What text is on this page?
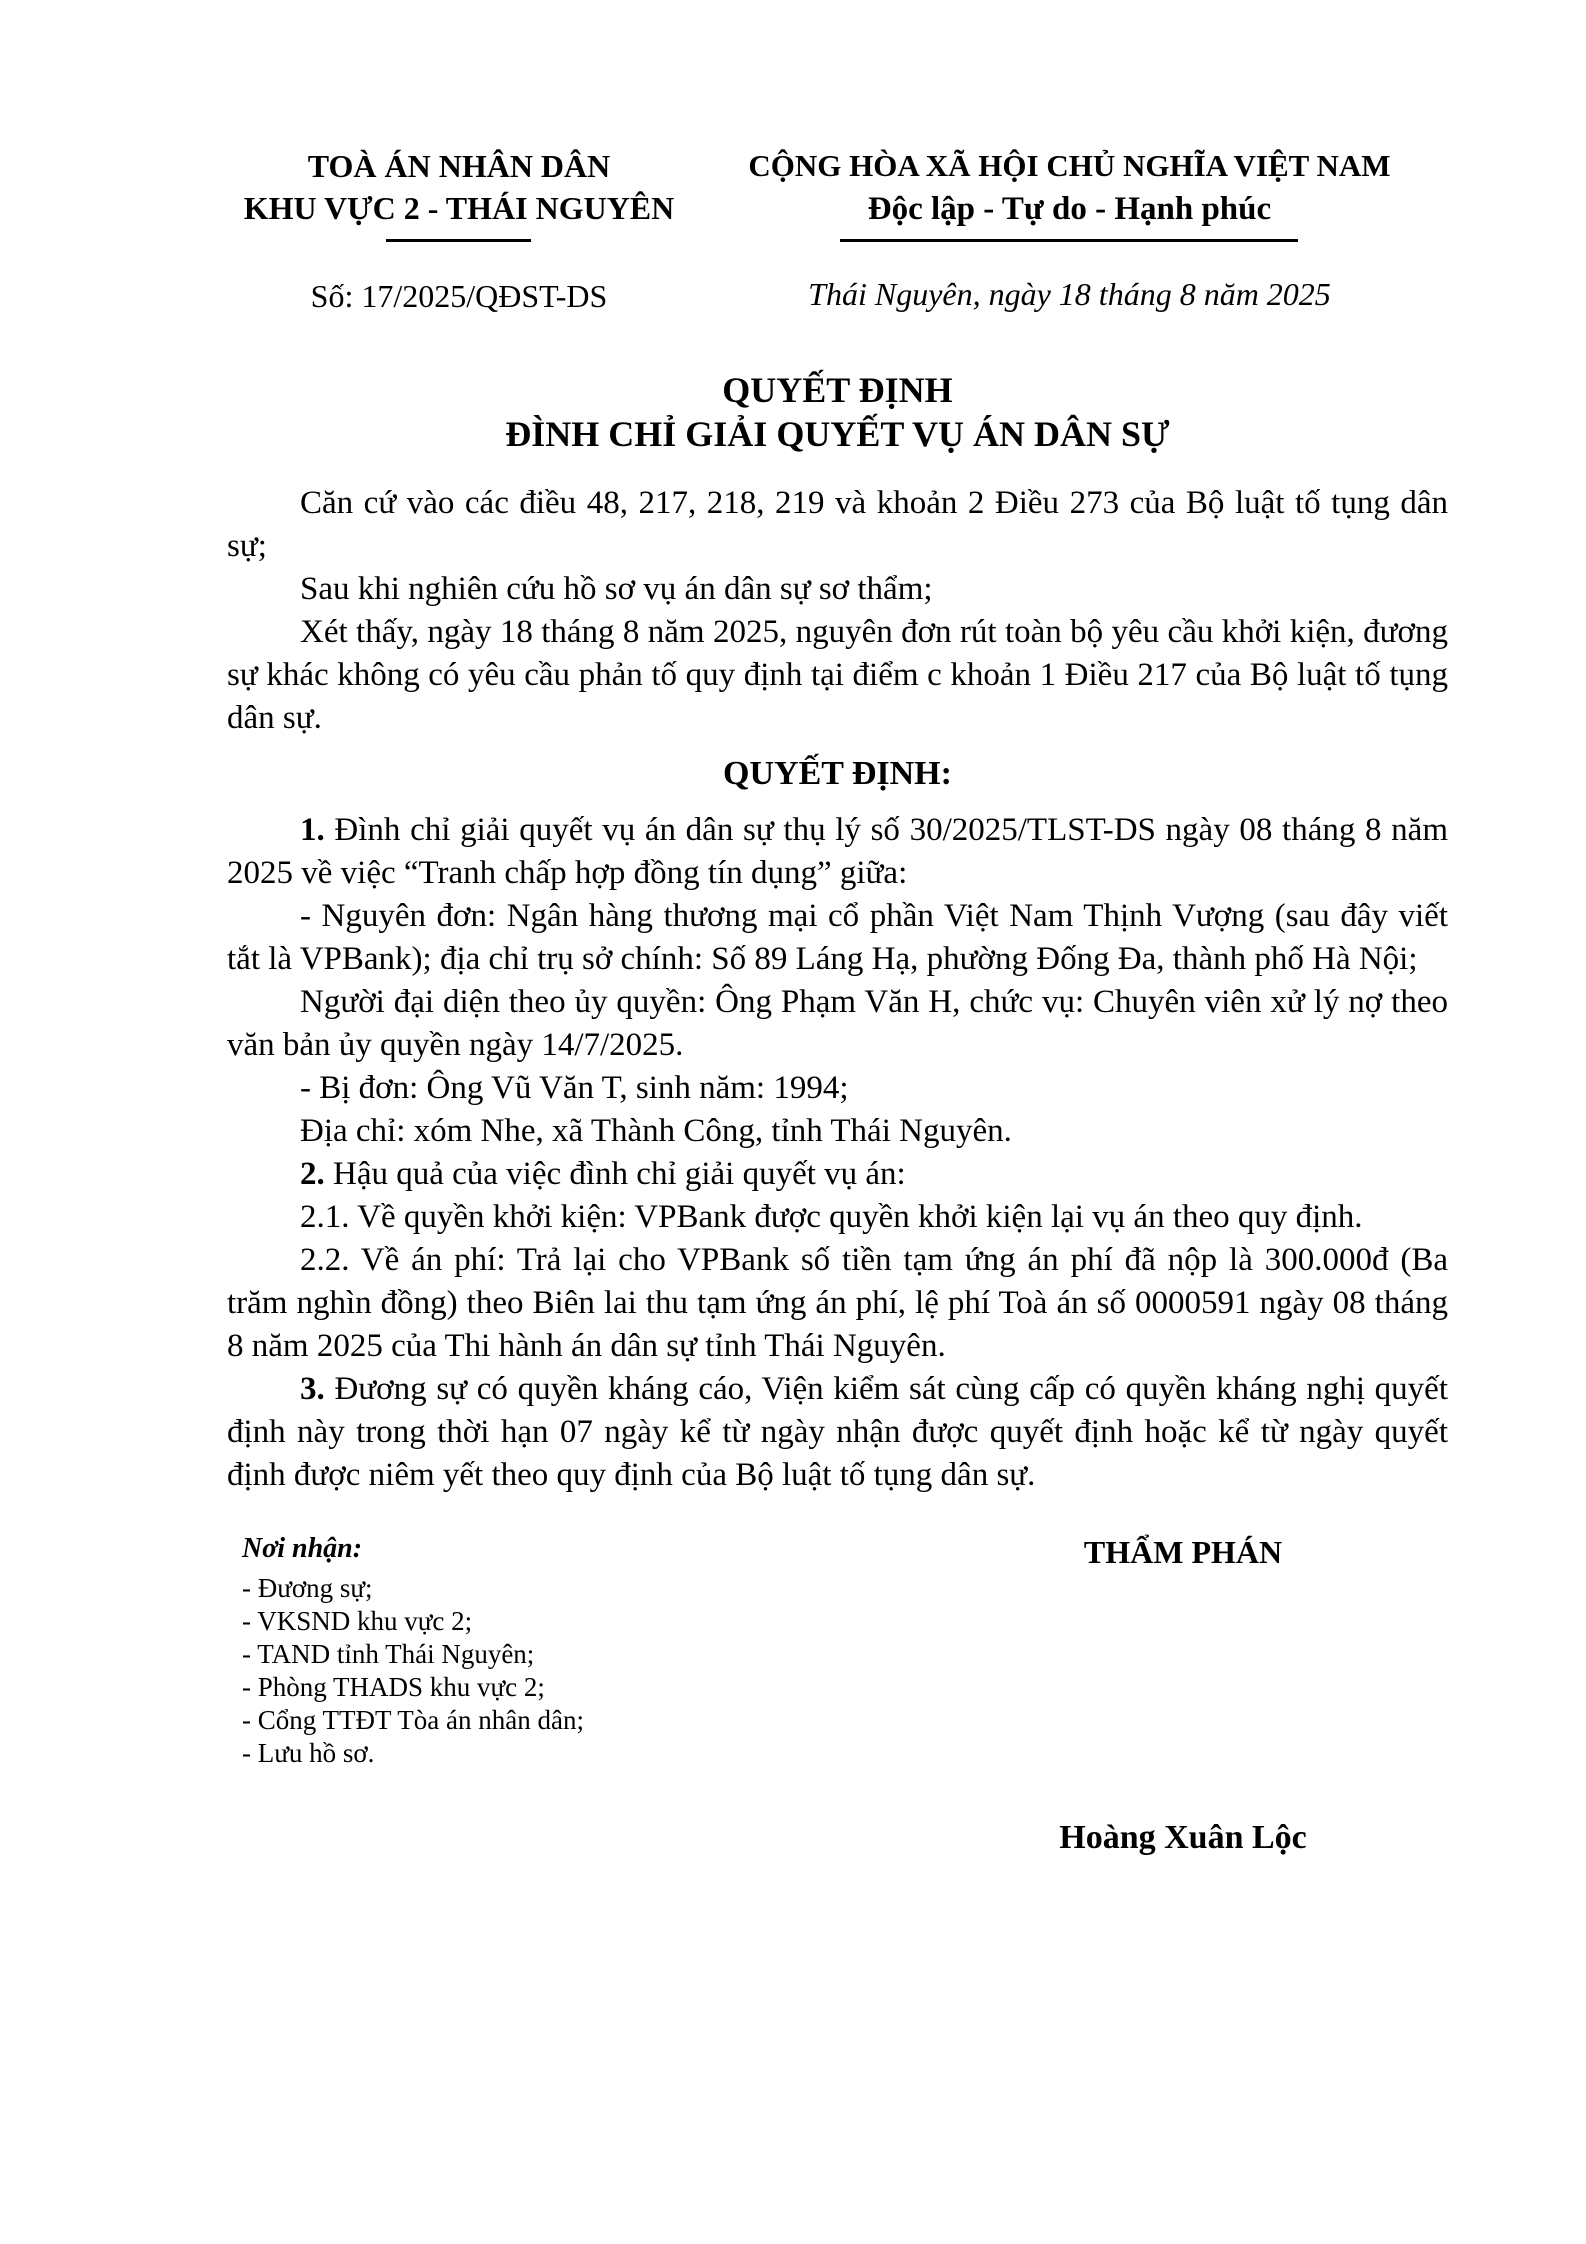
TOÀ ÁN NHÂN DÂN
KHU VỰC 2 - THÁI NGUYÊN
Số: 17/2025/QĐST-DS
CỘNG HÒA XÃ HỘI CHỦ NGHĨA VIỆT NAM
Độc lập - Tự do - Hạnh phúc
Thái Nguyên, ngày 18 tháng 8 năm 2025
QUYẾT ĐỊNH
ĐÌNH CHỈ GIẢI QUYẾT VỤ ÁN DÂN SỰ

Căn cứ vào các điều 48, 217, 218, 219 và khoản 2 Điều 273 của Bộ luật tố tụng dân sự;

Sau khi nghiên cứu hồ sơ vụ án dân sự sơ thẩm;

Xét thấy, ngày 18 tháng 8 năm 2025, nguyên đơn rút toàn bộ yêu cầu khởi kiện, đương sự khác không có yêu cầu phản tố quy định tại điểm c khoản 1 Điều 217 của Bộ luật tố tụng dân sự.

QUYẾT ĐỊNH:

1. Đình chỉ giải quyết vụ án dân sự thụ lý số 30/2025/TLST-DS ngày 08 tháng 8 năm 2025 về việc “Tranh chấp hợp đồng tín dụng” giữa:

- Nguyên đơn: Ngân hàng thương mại cổ phần Việt Nam Thịnh Vượng (sau đây viết tắt là VPBank); địa chỉ trụ sở chính: Số 89 Láng Hạ, phường Đống Đa, thành phố Hà Nội;

Người đại diện theo ủy quyền: Ông Phạm Văn H, chức vụ: Chuyên viên xử lý nợ theo văn bản ủy quyền ngày 14/7/2025.

- Bị đơn: Ông Vũ Văn T, sinh năm: 1994;

Địa chỉ: xóm Nhe, xã Thành Công, tỉnh Thái Nguyên.

2. Hậu quả của việc đình chỉ giải quyết vụ án:

2.1. Về quyền khởi kiện: VPBank được quyền khởi kiện lại vụ án theo quy định.

2.2. Về án phí: Trả lại cho VPBank số tiền tạm ứng án phí đã nộp là 300.000đ (Ba trăm nghìn đồng) theo Biên lai thu tạm ứng án phí, lệ phí Toà án số 0000591 ngày 08 tháng 8 năm 2025 của Thi hành án dân sự tỉnh Thái Nguyên.

3. Đương sự có quyền kháng cáo, Viện kiểm sát cùng cấp có quyền kháng nghị quyết định này trong thời hạn 07 ngày kể từ ngày nhận được quyết định hoặc kể từ ngày quyết định được niêm yết theo quy định của Bộ luật tố tụng dân sự.

Nơi nhận:
- Đương sự;
- VKSND khu vực 2;
- TAND tỉnh Thái Nguyên;
- Phòng THADS khu vực 2;
- Cổng TTĐT Tòa án nhân dân;
- Lưu hồ sơ.
THẨM PHÁN
Hoàng Xuân Lộc
